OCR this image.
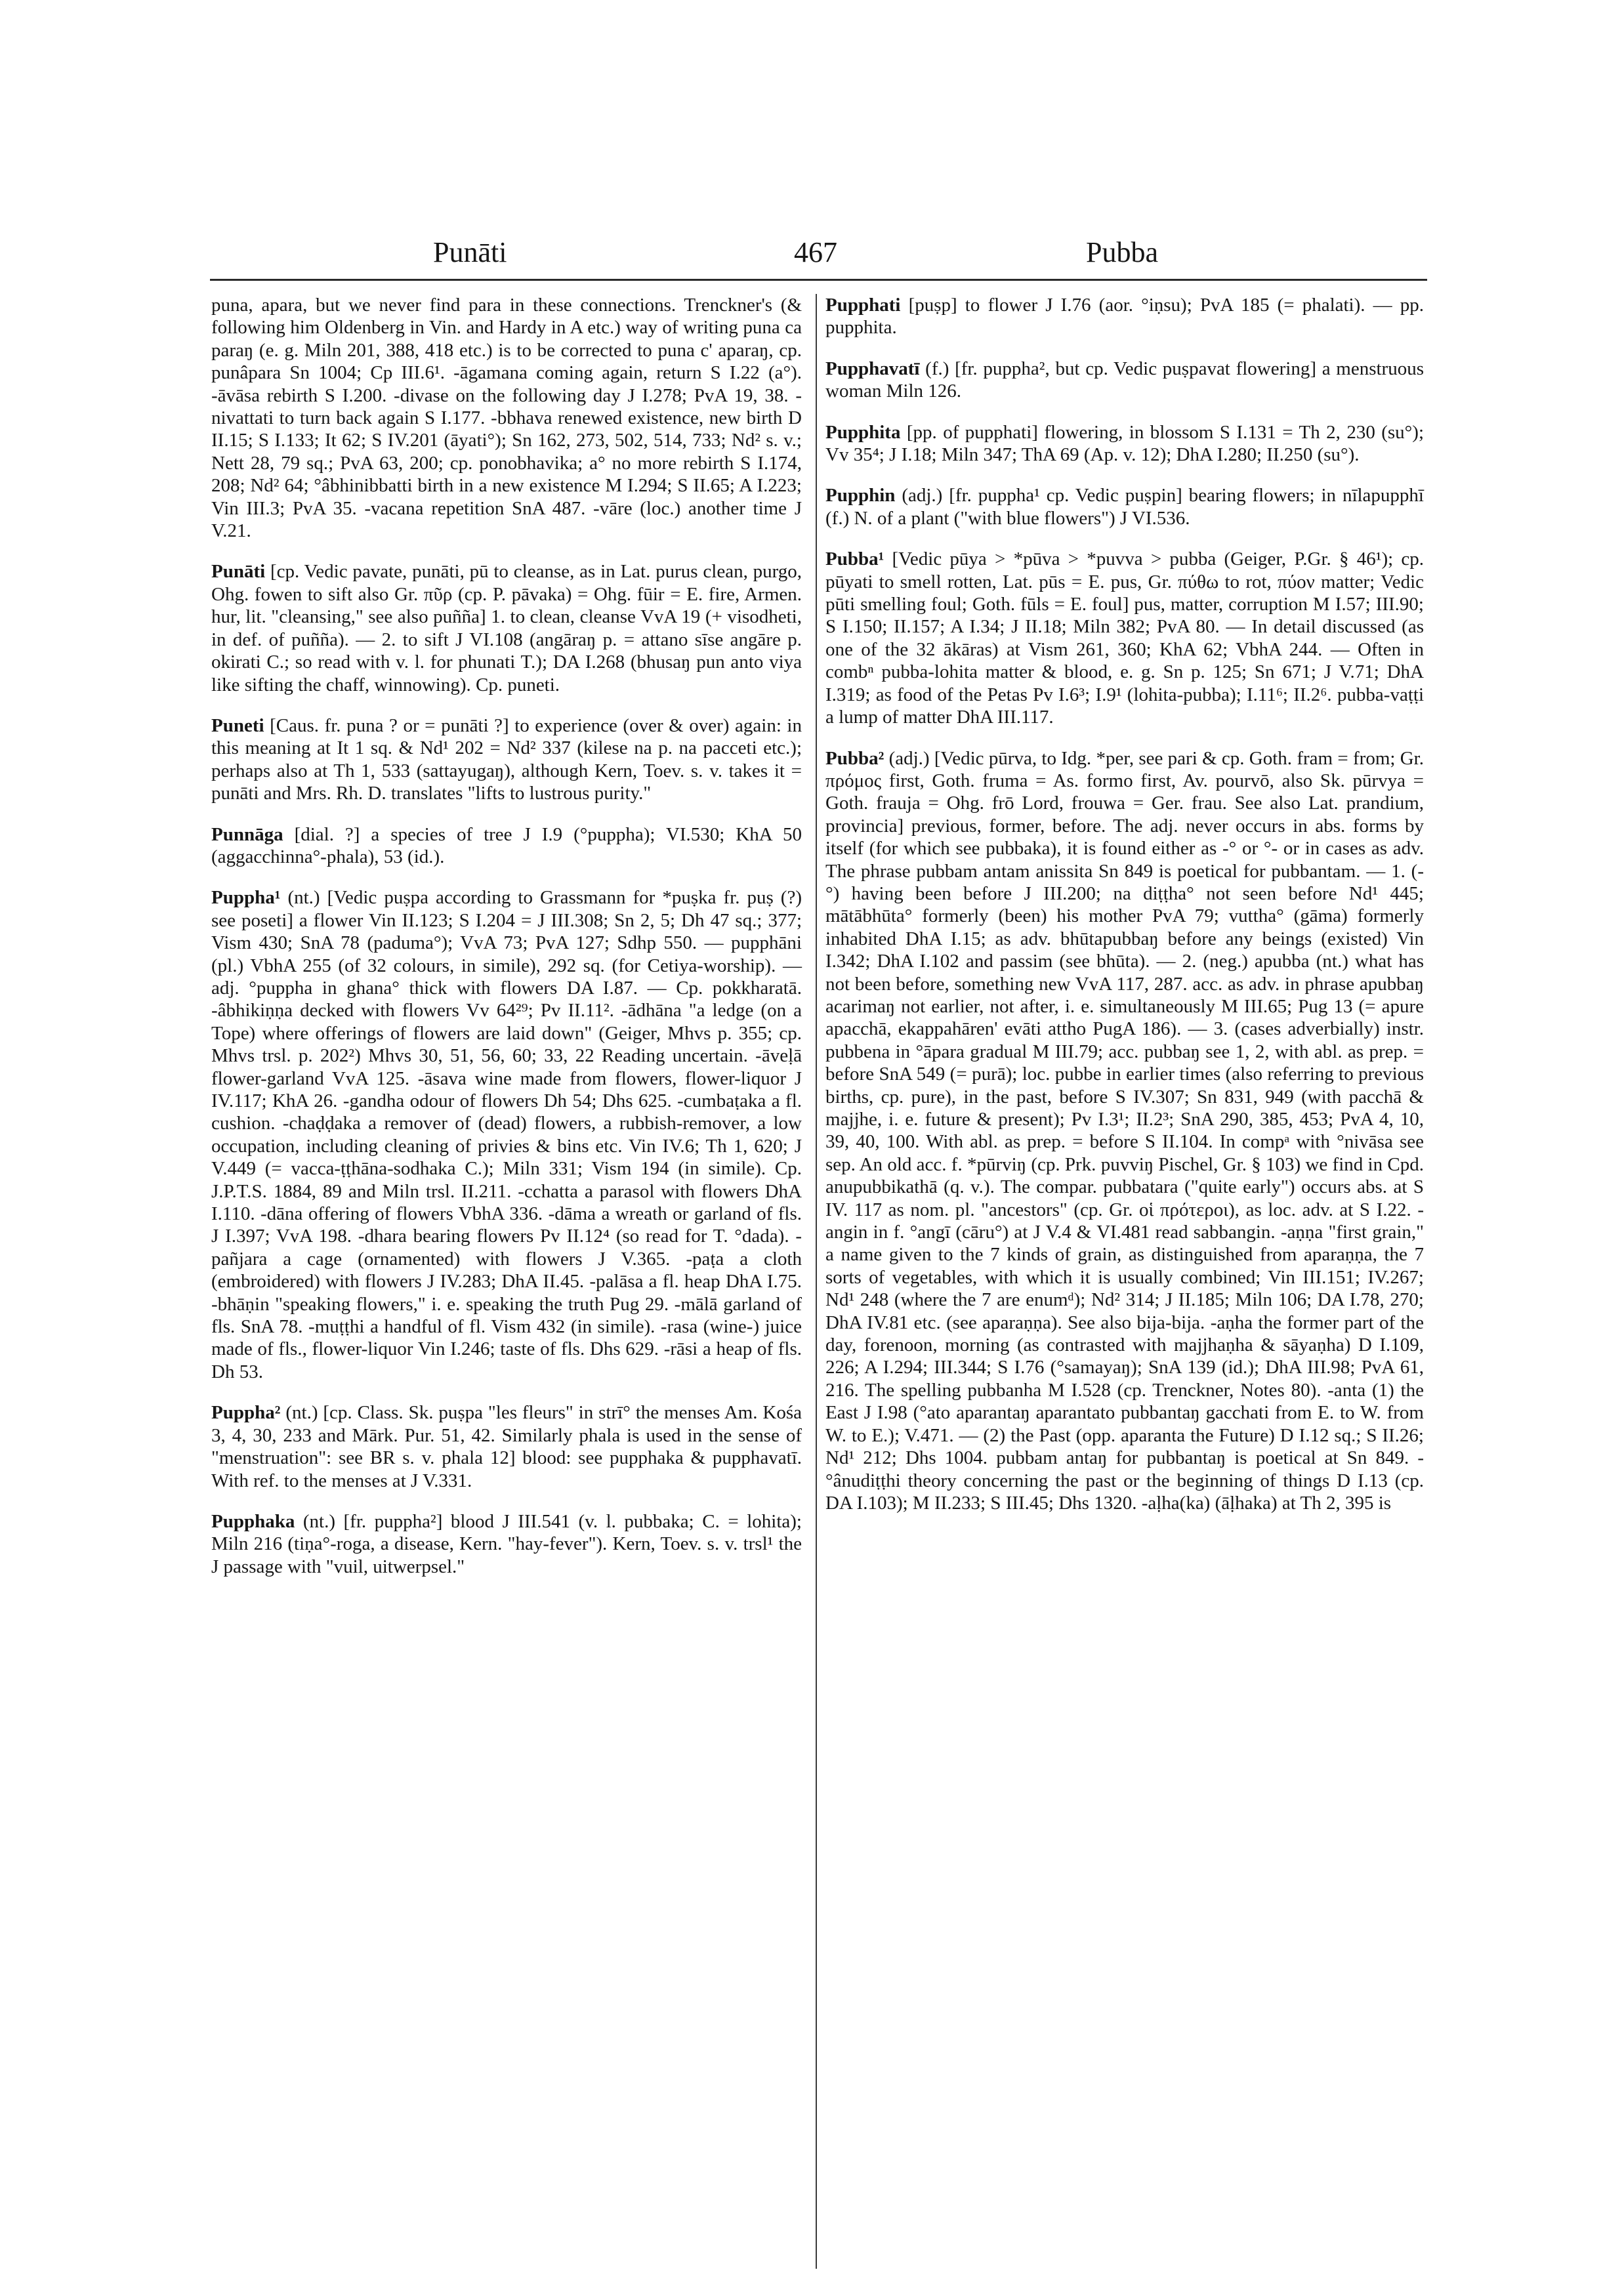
Punāti	467	Pubba

puna, apara, but we never find para in these connections. Trenckner's (& following him Oldenberg in Vin. and Hardy in A etc.) way of writing puna ca paraŋ (e. g. Miln 201, 388, 418 etc.) is to be corrected to puna c' aparaŋ, cp. punâpara Sn 1004; Cp III.6¹. -āgamana coming again, return S I.22 (a°). -āvāsa rebirth S I.200. -divase on the following day J I.278; PvA 19, 38. -nivattati to turn back again S I.177. -bbhava renewed existence, new birth D II.15; S I.133; It 62; S IV.201 (āyati°); Sn 162, 273, 502, 514, 733; Nd² s. v.; Nett 28, 79 sq.; PvA 63, 200; cp. ponobhavika; a° no more rebirth S I.174, 208; Nd² 64; °âbhinibbatti birth in a new existence M I.294; S II.65; A I.223; Vin III.3; PvA 35. -vacana repetition SnA 487. -vāre (loc.) another time J V.21.

Punāti [cp. Vedic pavate, punāti, pū to cleanse, as in Lat. purus clean, purgo, Ohg. fowen to sift also Gr. πῦρ (cp. P. pāvaka) = Ohg. fūir = E. fire, Armen. hur, lit. "cleansing," see also puñña] 1. to clean, cleanse VvA 19 (+ visodheti, in def. of puñña). — 2. to sift J VI.108 (angāraŋ p. = attano sīse angāre p. okirati C.; so read with v. l. for phunati T.); DA I.268 (bhusaŋ pun anto viya like sifting the chaff, winnowing). Cp. puneti.

Puneti [Caus. fr. puna ? or = punāti ?] to experience (over & over) again: in this meaning at It 1 sq. & Nd¹ 202 = Nd² 337 (kilese na p. na pacceti etc.); perhaps also at Th 1, 533 (sattayugaŋ), although Kern, Toev. s. v. takes it = punāti and Mrs. Rh. D. translates "lifts to lustrous purity."

Punnāga [dial. ?] a species of tree J I.9 (°puppha); VI.530; KhA 50 (aggacchinna°-phala), 53 (id.).

Puppha¹ (nt.) [Vedic puṣpa according to Grassmann for *puṣka fr. puṣ (?) see poseti] a flower Vin II.123; S I.204 = J III.308; Sn 2, 5; Dh 47 sq.; 377; Vism 430; SnA 78 (paduma°); VvA 73; PvA 127; Sdhp 550. — pupphāni (pl.) VbhA 255 (of 32 colours, in simile), 292 sq. (for Cetiya-worship). — adj. °puppha in ghana° thick with flowers DA I.87. — Cp. pokkharatā. -âbhikiṇṇa decked with flowers Vv 64²⁹; Pv II.11². -ādhāna "a ledge (on a Tope) where offerings of flowers are laid down" (Geiger, Mhvs p. 355; cp. Mhvs trsl. p. 202²) Mhvs 30, 51, 56, 60; 33, 22 Reading uncertain. -āveḷā flower-garland VvA 125. -āsava wine made from flowers, flower-liquor J IV.117; KhA 26. -gandha odour of flowers Dh 54; Dhs 625. -cumbaṭaka a fl. cushion. -chaḍḍaka a remover of (dead) flowers, a rubbish-remover, a low occupation, including cleaning of privies & bins etc. Vin IV.6; Th 1, 620; J V.449 (= vacca-ṭṭhāna-sodhaka C.); Miln 331; Vism 194 (in simile). Cp. J.P.T.S. 1884, 89 and Miln trsl. II.211. -cchatta a parasol with flowers DhA I.110. -dāna offering of flowers VbhA 336. -dāma a wreath or garland of fls. J I.397; VvA 198. -dhara bearing flowers Pv II.12⁴ (so read for T. °dada). -pañjara a cage (ornamented) with flowers J V.365. -paṭa a cloth (embroidered) with flowers J IV.283; DhA II.45. -palāsa a fl. heap DhA I.75. -bhāṇin "speaking flowers," i. e. speaking the truth Pug 29. -mālā garland of fls. SnA 78. -muṭṭhi a handful of fl. Vism 432 (in simile). -rasa (wine-) juice made of fls., flower-liquor Vin I.246; taste of fls. Dhs 629. -rāsi a heap of fls. Dh 53.

Puppha² (nt.) [cp. Class. Sk. puṣpa "les fleurs" in strī° the menses Am. Kośa 3, 4, 30, 233 and Mārk. Pur. 51, 42. Similarly phala is used in the sense of "menstruation": see BR s. v. phala 12] blood: see pupphaka & pupphavatī. With ref. to the menses at J V.331.

Pupphaka (nt.) [fr. puppha²] blood J III.541 (v. l. pubbaka; C. = lohita); Miln 216 (tiṇa°-roga, a disease, Kern. "hay-fever"). Kern, Toev. s. v. trsl¹ the J passage with "vuil, uitwerpsel."

Pupphati [puṣp] to flower J I.76 (aor. °iṇsu); PvA 185 (= phalati). — pp. pupphita.

Pupphavatī (f.) [fr. puppha², but cp. Vedic puṣpavat flowering] a menstruous woman Miln 126.

Pupphita [pp. of pupphati] flowering, in blossom S I.131 = Th 2, 230 (su°); Vv 35⁴; J I.18; Miln 347; ThA 69 (Ap. v. 12); DhA I.280; II.250 (su°).

Pupphin (adj.) [fr. puppha¹ cp. Vedic puṣpin] bearing flowers; in nīlapupphī (f.) N. of a plant ("with blue flowers") J VI.536.

Pubba¹ [Vedic pūya > *pūva > *puvva > pubba (Geiger, P.Gr. § 46¹); cp. pūyati to smell rotten, Lat. pūs = E. pus, Gr. πύθω to rot, πύον matter; Vedic pūti smelling foul; Goth. fūls = E. foul] pus, matter, corruption M I.57; III.90; S I.150; II.157; A I.34; J II.18; Miln 382; PvA 80. — In detail discussed (as one of the 32 ākāras) at Vism 261, 360; KhA 62; VbhA 244. — Often in combⁿ pubba-lohita matter & blood, e. g. Sn p. 125; Sn 671; J V.71; DhA I.319; as food of the Petas Pv I.6³; I.9¹ (lohita-pubba); I.11⁶; II.2⁶. pubba-vaṭṭi a lump of matter DhA III.117.

Pubba² (adj.) [Vedic pūrva, to Idg. *per, see pari & cp. Goth. fram = from; Gr. πρόμος first, Goth. fruma = As. formo first, Av. pourvō, also Sk. pūrvya = Goth. frauja = Ohg. frō Lord, frouwa = Ger. frau. See also Lat. prandium, provincia] previous, former, before. The adj. never occurs in abs. forms by itself (for which see pubbaka), it is found either as -° or °- or in cases as adv. The phrase pubbam antam anissita Sn 849 is poetical for pubbantam. — 1. (-°) having been before J III.200; na diṭṭha° not seen before Nd¹ 445; mātābhūta° formerly (been) his mother PvA 79; vuttha° (gāma) formerly inhabited DhA I.15; as adv. bhūtapubbaŋ before any beings (existed) Vin I.342; DhA I.102 and passim (see bhūta). — 2. (neg.) apubba (nt.) what has not been before, something new VvA 117, 287. acc. as adv. in phrase apubbaŋ acarimaŋ not earlier, not after, i. e. simultaneously M III.65; Pug 13 (= apure apacchā, ekappahāren' evāti attho PugA 186). — 3. (cases adverbially) instr. pubbena in °āpara gradual M III.79; acc. pubbaŋ see 1, 2, with abl. as prep. = before SnA 549 (= purā); loc. pubbe in earlier times (also referring to previous births, cp. pure), in the past, before S IV.307; Sn 831, 949 (with pacchā & majjhe, i. e. future & present); Pv I.3¹; II.2³; SnA 290, 385, 453; PvA 4, 10, 39, 40, 100. With abl. as prep. = before S II.104. In compᵃ with °nivāsa see sep. An old acc. f. *pūrviŋ (cp. Prk. puvviŋ Pischel, Gr. § 103) we find in Cpd. anupubbikathā (q. v.). The compar. pubbatara ("quite early") occurs abs. at S IV. 117 as nom. pl. "ancestors" (cp. Gr. οἱ πρότεροι), as loc. adv. at S I.22. -angin in f. °angī (cāru°) at J V.4 & VI.481 read sabbangin. -aṇṇa "first grain," a name given to the 7 kinds of grain, as distinguished from aparaṇṇa, the 7 sorts of vegetables, with which it is usually combined; Vin III.151; IV.267; Nd¹ 248 (where the 7 are enumᵈ); Nd² 314; J II.185; Miln 106; DA I.78, 270; DhA IV.81 etc. (see aparaṇṇa). See also bija-bija. -aṇha the former part of the day, forenoon, morning (as contrasted with majjhaṇha & sāyaṇha) D I.109, 226; A I.294; III.344; S I.76 (°samayaŋ); SnA 139 (id.); DhA III.98; PvA 61, 216. The spelling pubbanha M I.528 (cp. Trenckner, Notes 80). -anta (1) the East J I.98 (°ato aparantaŋ aparantato pubbantaŋ gacchati from E. to W. from W. to E.); V.471. — (2) the Past (opp. aparanta the Future) D I.12 sq.; S II.26; Nd¹ 212; Dhs 1004. pubbam antaŋ for pubbantaŋ is poetical at Sn 849. -°ânudiṭṭhi theory concerning the past or the beginning of things D I.13 (cp. DA I.103); M II.233; S III.45; Dhs 1320. -aḷha(ka) (āḷhaka) at Th 2, 395 is
